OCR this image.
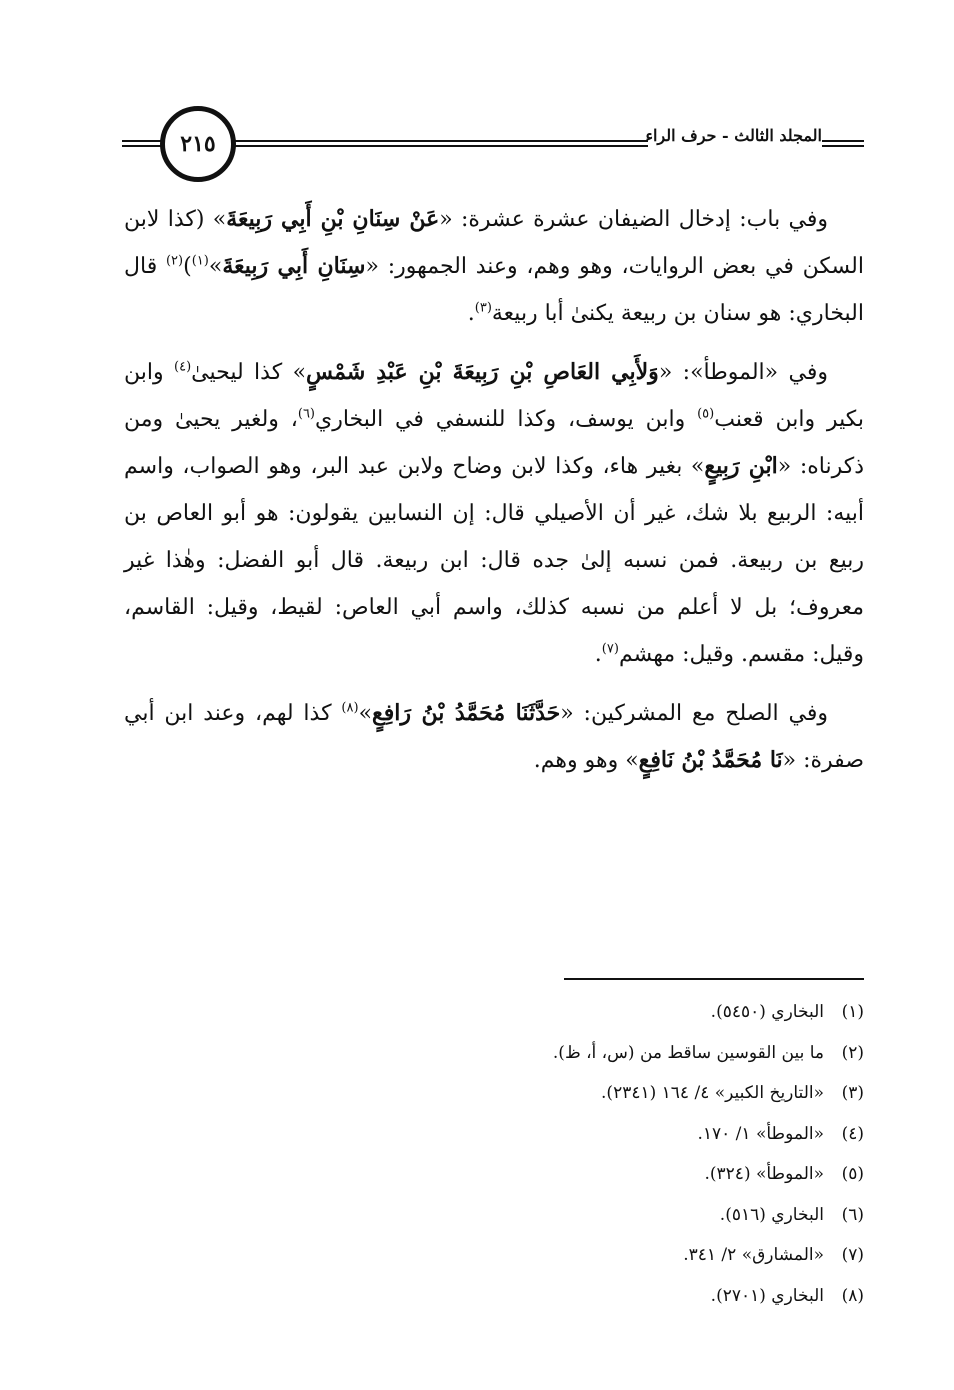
٢١٥	المجلد الثالث - حرف الراء

وفي باب: إدخال الضيفان عشرة عشرة: «عَنْ سِنَانِ بْنِ أَبِي رَبِيعَةَ» (كذا لابن السكن في بعض الروايات، وهو وهم، وعند الجمهور: «سِنَانِ أَبِي رَبِيعَةَ»$^{(١)}$)$^{(٢)}$ قال البخاري: هو سنان بن ربيعة يكنىٰ أبا ربيعة$^{(٣)}$.

وفي «الموطأ»: «وَلأَبِي العَاصِ بْنِ رَبِيعَةَ بْنِ عَبْدِ شَمْسٍ» كذا ليحيىٰ$^{(٤)}$ وابن بكير وابن قعنب$^{(٥)}$ وابن يوسف، وكذا للنسفي في البخاري$^{(٦)}$، ولغير يحيىٰ ومن ذكرناه: «ابْنِ رَبِيعٍ» بغير هاء، وكذا لابن وضاح ولابن عبد البر، وهو الصواب، واسم أبيه: الربيع بلا شك، غير أن الأصيلي قال: إن النسابين يقولون: هو أبو العاص بن ربيع بن ربيعة. فمن نسبه إلىٰ جده قال: ابن ربيعة. قال أبو الفضل: وهٰذا غير معروف؛ بل لا أعلم من نسبه كذلك، واسم أبي العاص: لقيط، وقيل: القاسم، وقيل: مقسم. وقيل: مهشم$^{(٧)}$.

وفي الصلح مع المشركين: «حَدَّثَنَا مُحَمَّدُ بْنُ رَافِعٍ»$^{(٨)}$ كذا لهم، وعند ابن أبي صفرة: «نَا مُحَمَّدُ بْنُ نَافِعٍ» وهو وهم.

(١)البخاري (٥٤٥٠).
(٢)ما بين القوسين ساقط من (س، أ، ظ).
(٣)«التاريخ الكبير» ٤/ ١٦٤ (٢٣٤١).
(٤)«الموطأ» ١/ ١٧٠.
(٥)«الموطأ» (٣٢٤).
(٦)البخاري (٥١٦).
(٧)«المشارق» ٢/ ٣٤١.
(٨)البخاري (٢٧٠١).
